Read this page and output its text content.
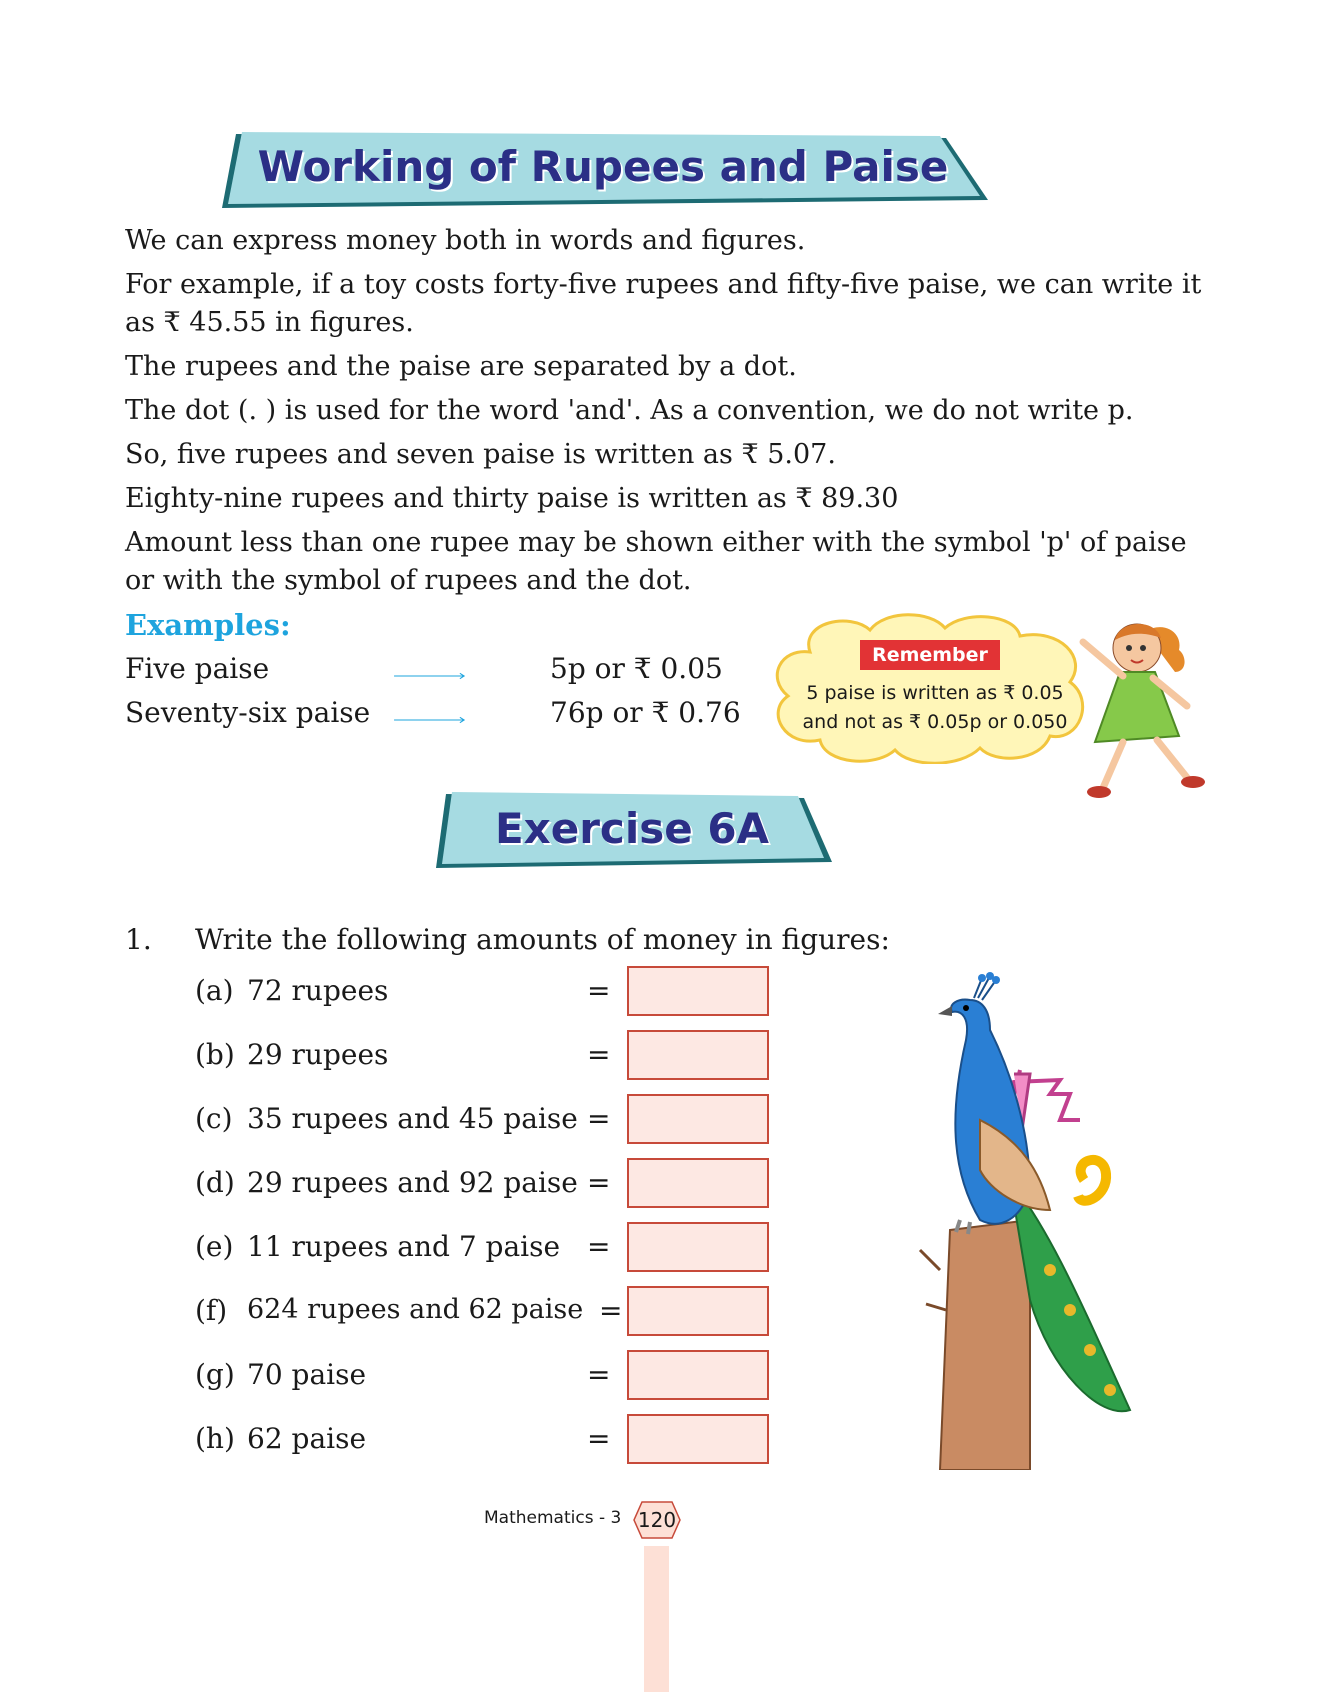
Working of Rupees and Paise

We can express money both in words and figures.

For example, if a toy costs forty-five rupees and fifty-five paise, we can write it as ₹ 45.55 in figures.

The rupees and the paise are separated by a dot.

The dot (. ) is used for the word 'and'. As a convention, we do not write p.

So, five rupees and seven paise is written as ₹ 5.07.

Eighty-nine rupees and thirty paise is written as ₹ 89.30

Amount less than one rupee may be shown either with the symbol 'p' of paise or with the symbol of rupees and the dot.

Examples:
Five paise	5p or ₹ 0.05
Seventy-six paise	76p or ₹ 0.76
Remember
5 paise is written as ₹ 0.05
and not as ₹ 0.05p or 0.050
Exercise 6A
1. Write the following amounts of money in figures:
(a) 72 rupees	=
(b) 29 rupees	=
(c) 35 rupees and 45 paise =
(d) 29 rupees and 92 paise =
(e) 11 rupees and 7 paise =
(f) 624 rupees and 62 paise =
(g) 70 paise	=
(h) 62 paise	=
Mathematics - 3 120
